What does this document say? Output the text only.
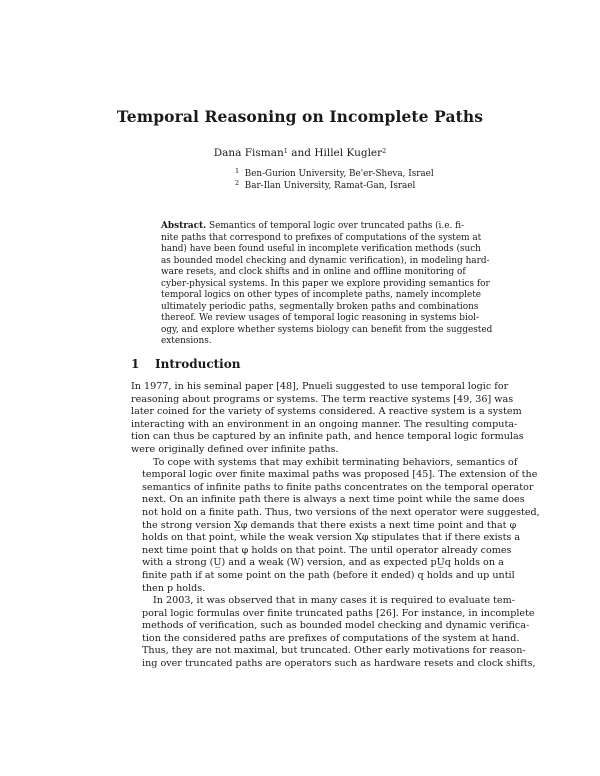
Temporal Reasoning on Incomplete Paths
Dana Fisman$^1$ and Hillel Kugler$^2$
$^1$ Ben-Gurion University, Be'er-Sheva, Israel
$^2$ Bar-Ilan University, Ramat-Gan, Israel
Abstract. Semantics of temporal logic over truncated paths (i.e. fi-
nite paths that correspond to prefixes of computations of the system at
hand) have been found useful in incomplete verification methods (such
as bounded model checking and dynamic verification), in modeling hard-
ware resets, and clock shifts and in online and offline monitoring of
cyber-physical systems. In this paper we explore providing semantics for
temporal logics on other types of incomplete paths, namely incomplete
ultimately periodic paths, segmentally broken paths and combinations
thereof. We review usages of temporal logic reasoning in systems biol-
ogy, and explore whether systems biology can benefit from the suggested
extensions.
1 Introduction

In 1977, in his seminal paper [48], Pnueli suggested to use temporal logic for
reasoning about programs or systems. The term reactive systems [49, 36] was
later coined for the variety of systems considered. A reactive system is a system
interacting with an environment in an ongoing manner. The resulting computa-
tion can thus be captured by an infinite path, and hence temporal logic formulas
were originally defined over infinite paths.

To cope with systems that may exhibit terminating behaviors, semantics of
temporal logic over finite maximal paths was proposed [45]. The extension of the
semantics of infinite paths to finite paths concentrates on the temporal operator
next. On an infinite path there is always a next time point while the same does
not hold on a finite path. Thus, two versions of the next operator were suggested,
the strong version X̲φ demands that there exists a next time point and that φ
holds on that point, while the weak version Xφ stipulates that if there exists a
next time point that φ holds on that point. The until operator already comes
with a strong (U̲) and a weak (W) version, and as expected pU̲q holds on a
finite path if at some point on the path (before it ended) q holds and up until
then p holds.

In 2003, it was observed that in many cases it is required to evaluate tem-
poral logic formulas over finite truncated paths [26]. For instance, in incomplete
methods of verification, such as bounded model checking and dynamic verifica-
tion the considered paths are prefixes of computations of the system at hand.
Thus, they are not maximal, but truncated. Other early motivations for reason-
ing over truncated paths are operators such as hardware resets and clock shifts,
